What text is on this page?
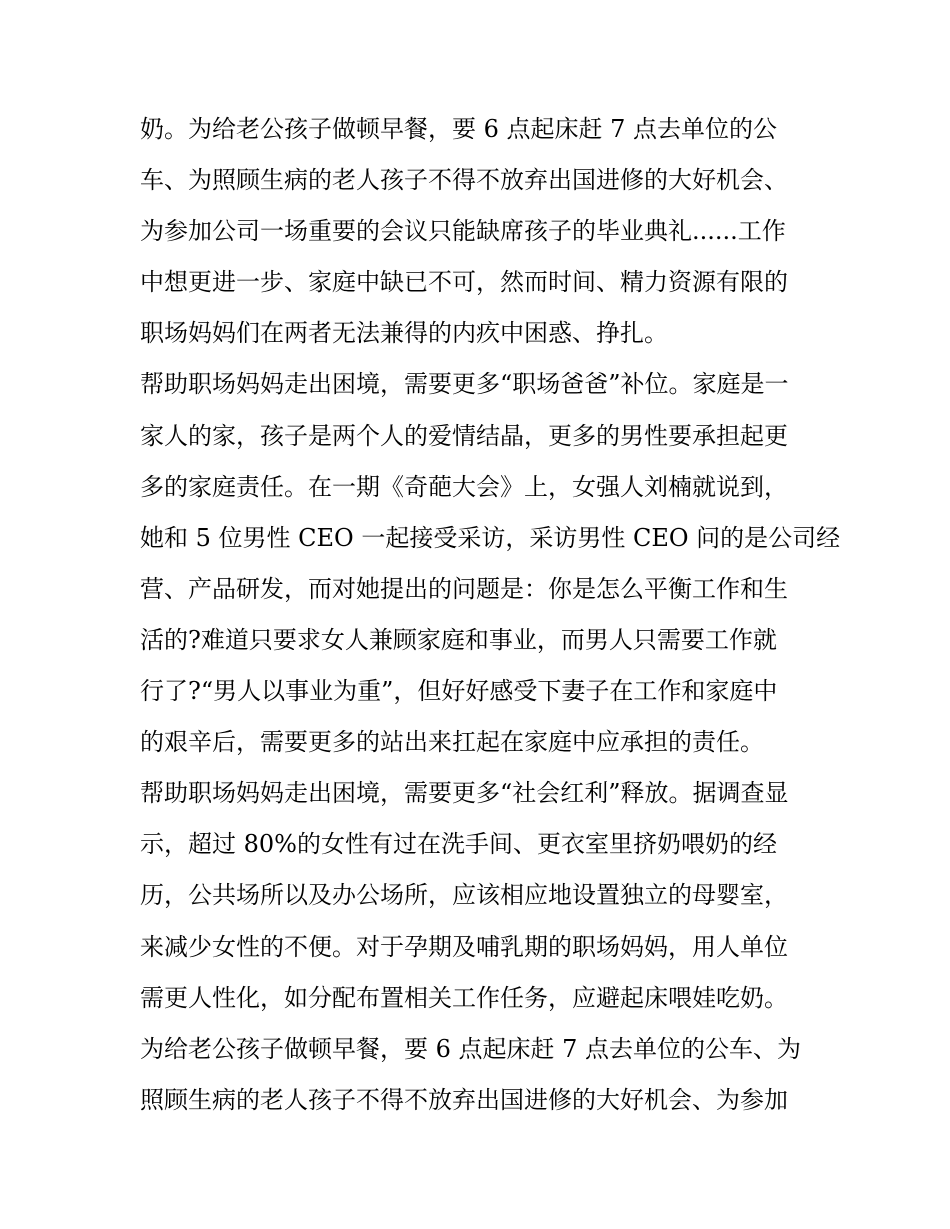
奶。为给老公孩子做顿早餐，要 6 点起床赶 7 点去单位的公
车、为照顾生病的老人孩子不得不放弃出国进修的大好机会、
为参加公司一场重要的会议只能缺席孩子的毕业典礼......工作
中想更进一步、家庭中缺已不可，然而时间、精力资源有限的
职场妈妈们在两者无法兼得的内疚中困惑、挣扎。
帮助职场妈妈走出困境，需要更多“职场爸爸”补位。家庭是一
家人的家，孩子是两个人的爱情结晶，更多的男性要承担起更
多的家庭责任。在一期《奇葩大会》上，女强人刘楠就说到，
她和 5 位男性 CEO 一起接受采访，采访男性 CEO 问的是公司经
营、产品研发，而对她提出的问题是：你是怎么平衡工作和生
活的?难道只要求女人兼顾家庭和事业，而男人只需要工作就
行了?“男人以事业为重”，但好好感受下妻子在工作和家庭中
的艰辛后，需要更多的站出来扛起在家庭中应承担的责任。
帮助职场妈妈走出困境，需要更多“社会红利”释放。据调查显
示，超过 80%的女性有过在洗手间、更衣室里挤奶喂奶的经
历，公共场所以及办公场所，应该相应地设置独立的母婴室，
来减少女性的不便。对于孕期及哺乳期的职场妈妈，用人单位
需更人性化，如分配布置相关工作任务，应避起床喂娃吃奶。
为给老公孩子做顿早餐，要 6 点起床赶 7 点去单位的公车、为
照顾生病的老人孩子不得不放弃出国进修的大好机会、为参加
